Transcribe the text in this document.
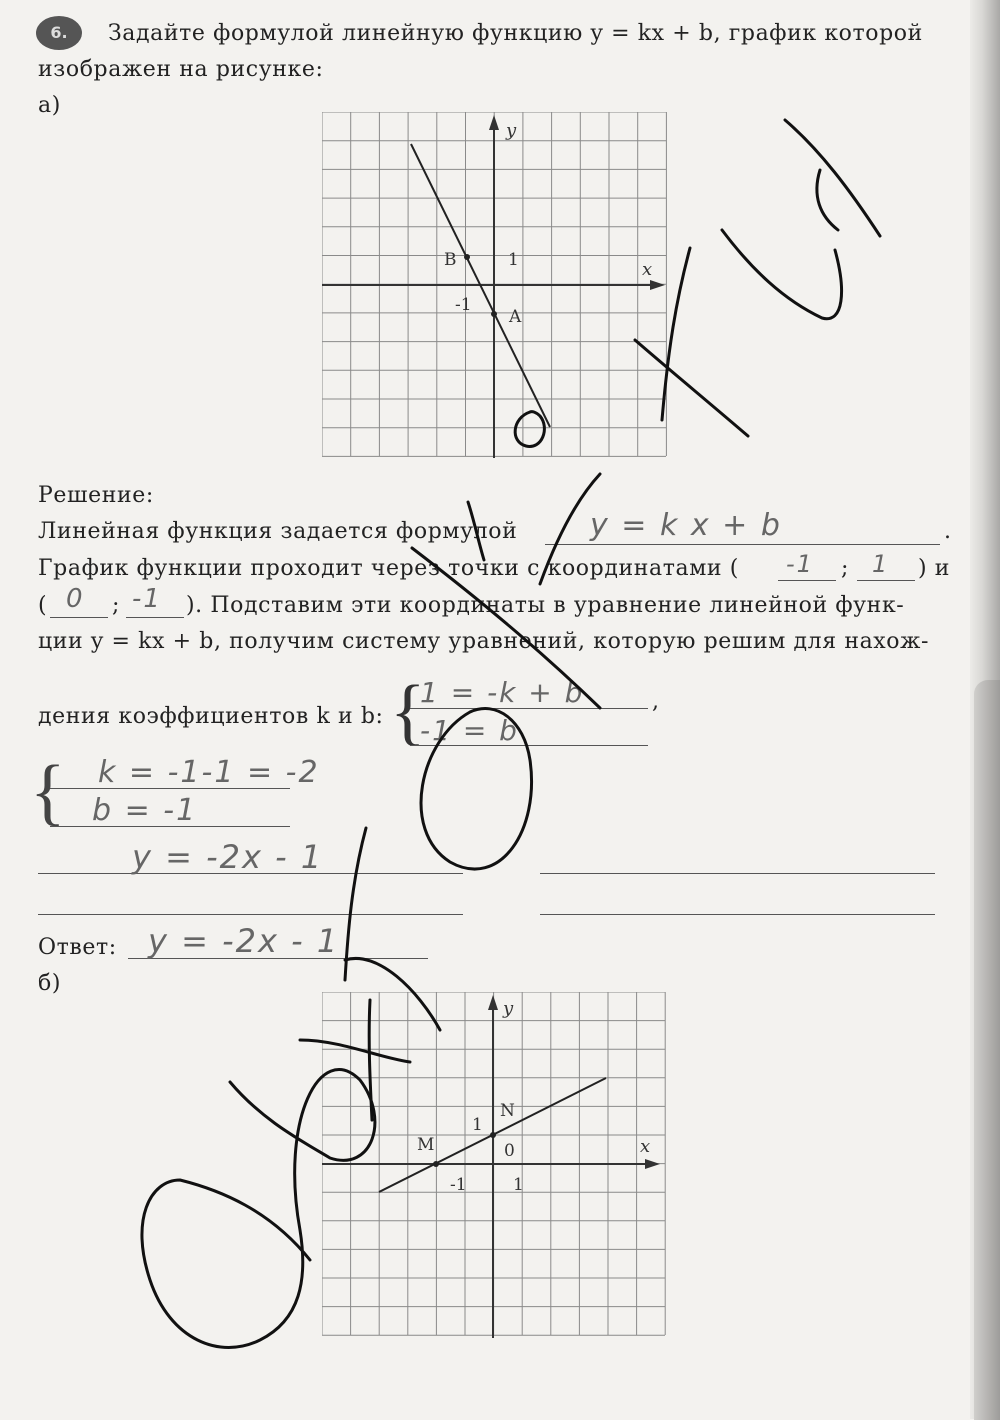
6.	Задайте формулой линейную функцию y = kx + b, график которой
изображен на рисунке:
а)
x
y
1
-1
B
A
Решение:
Линейная функция задается формулой	.
y = k x + b
График функции проходит через точки с координатами ( -1 ; 1 ) и
( 0 ; -1 ). Подставим эти координаты в уравнение линейной функ-
ции y = kx + b, получим систему уравнений, которую решим для нахож-
дения коэффициентов k и b: {
1 = -k + b
-1 = b
,
{ k = -1-1 = -2
b = -1
y = -2x - 1
Ответ: y = -2x - 1
б)
x
y
1
-1	1
0
N
M
